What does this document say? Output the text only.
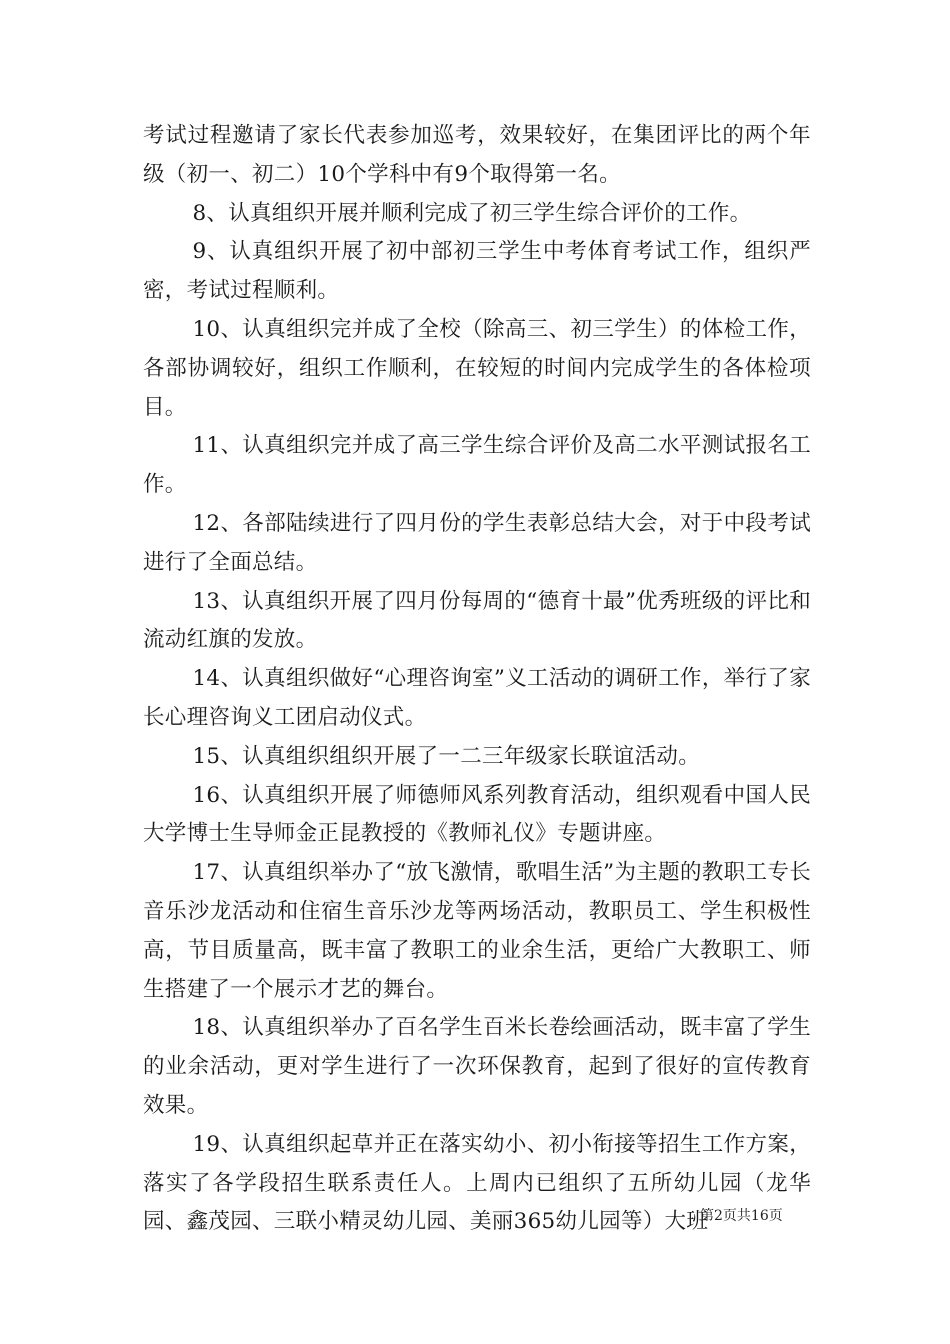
考试过程邀请了家长代表参加巡考，效果较好，在集团评比的两个年级（初一、初二）10个学科中有9个取得第一名。

8、认真组织开展并顺利完成了初三学生综合评价的工作。

9、认真组织开展了初中部初三学生中考体育考试工作，组织严密，考试过程顺利。

10、认真组织完并成了全校（除高三、初三学生）的体检工作，各部协调较好，组织工作顺利，在较短的时间内完成学生的各体检项目。

11、认真组织完并成了高三学生综合评价及高二水平测试报名工作。

12、各部陆续进行了四月份的学生表彰总结大会，对于中段考试进行了全面总结。

13、认真组织开展了四月份每周的“德育十最”优秀班级的评比和流动红旗的发放。

14、认真组织做好“心理咨询室”义工活动的调研工作，举行了家长心理咨询义工团启动仪式。

15、认真组织组织开展了一二三年级家长联谊活动。

16、认真组织开展了师德师风系列教育活动，组织观看中国人民大学博士生导师金正昆教授的《教师礼仪》专题讲座。

17、认真组织举办了“放飞激情，歌唱生活”为主题的教职工专长音乐沙龙活动和住宿生音乐沙龙等两场活动，教职员工、学生积极性高，节目质量高，既丰富了教职工的业余生活，更给广大教职工、师生搭建了一个展示才艺的舞台。

18、认真组织举办了百名学生百米长卷绘画活动，既丰富了学生的业余活动，更对学生进行了一次环保教育，起到了很好的宣传教育效果。

19、认真组织起草并正在落实幼小、初小衔接等招生工作方案，落实了各学段招生联系责任人。上周内已组织了五所幼儿园（龙华园、鑫茂园、三联小精灵幼儿园、美丽365幼儿园等）大班

第2页共16页
